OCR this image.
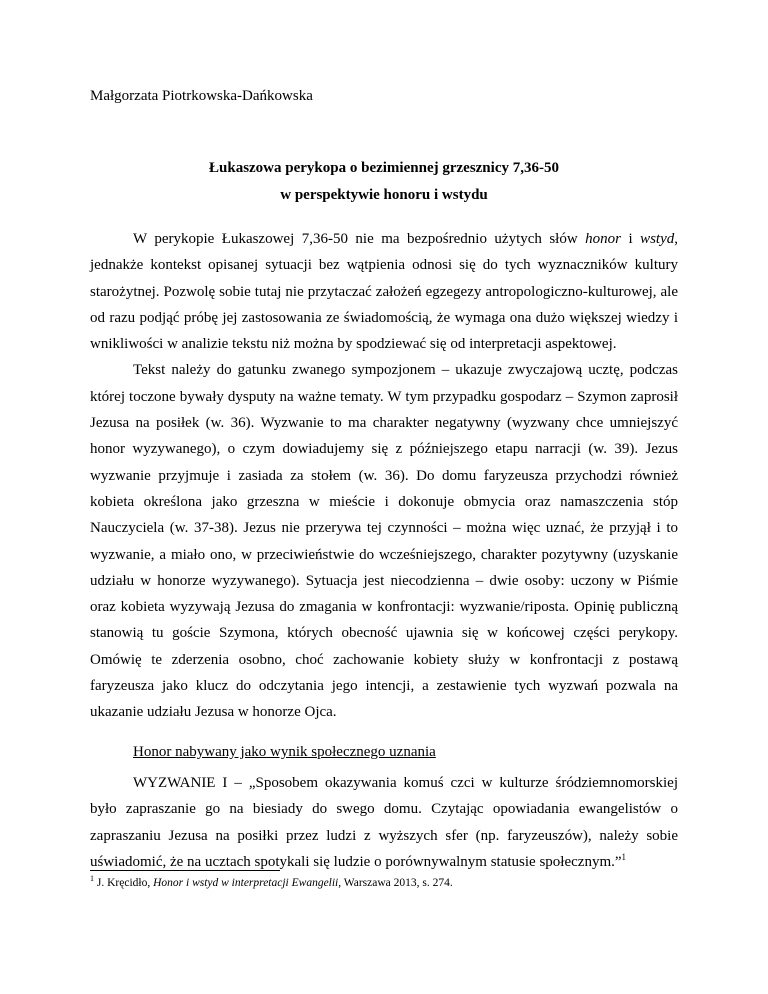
Małgorzata Piotrkowska-Dańkowska
Łukaszowa perykopa o bezimiennej grzesznicy 7,36-50
w perspektywie honoru i wstydu

W perykopie Łukaszowej 7,36-50 nie ma bezpośrednio użytych słów honor i wstyd, jednakże kontekst opisanej sytuacji bez wątpienia odnosi się do tych wyznaczników kultury starożytnej. Pozwolę sobie tutaj nie przytaczać założeń egzegezy antropologiczno-kulturowej, ale od razu podjąć próbę jej zastosowania ze świadomością, że wymaga ona dużo większej wiedzy i wnikliwości w analizie tekstu niż można by spodziewać się od interpretacji aspektowej.

Tekst należy do gatunku zwanego sympozjonem – ukazuje zwyczajową ucztę, podczas której toczone bywały dysputy na ważne tematy. W tym przypadku gospodarz – Szymon zaprosił Jezusa na posiłek (w. 36). Wyzwanie to ma charakter negatywny (wyzwany chce umniejszyć honor wyzywanego), o czym dowiadujemy się z późniejszego etapu narracji (w. 39). Jezus wyzwanie przyjmuje i zasiada za stołem (w. 36). Do domu faryzeusza przychodzi również kobieta określona jako grzeszna w mieście i dokonuje obmycia oraz namaszczenia stóp Nauczyciela (w. 37-38). Jezus nie przerywa tej czynności – można więc uznać, że przyjął i to wyzwanie, a miało ono, w przeciwieństwie do wcześniejszego, charakter pozytywny (uzyskanie udziału w honorze wyzywanego). Sytuacja jest niecodzienna – dwie osoby: uczony w Piśmie oraz kobieta wyzywają Jezusa do zmagania w konfrontacji: wyzwanie/riposta. Opinię publiczną stanowią tu goście Szymona, których obecność ujawnia się w końcowej części perykopy. Omówię te zderzenia osobno, choć zachowanie kobiety służy w konfrontacji z postawą faryzeusza jako klucz do odczytania jego intencji, a zestawienie tych wyzwań pozwala na ukazanie udziału Jezusa w honorze Ojca.

Honor nabywany jako wynik społecznego uznania

WYZWANIE I – „Sposobem okazywania komuś czci w kulturze śródziemnomorskiej było zapraszanie go na biesiady do swego domu. Czytając opowiadania ewangelistów o zapraszaniu Jezusa na posiłki przez ludzi z wyższych sfer (np. faryzeuszów), należy sobie uświadomić, że na ucztach spotykali się ludzie o porównywalnym statusie społecznym.”$^1$

$^1$ J. Kręcidło, Honor i wstyd w interpretacji Ewangelii, Warszawa 2013, s. 274.
